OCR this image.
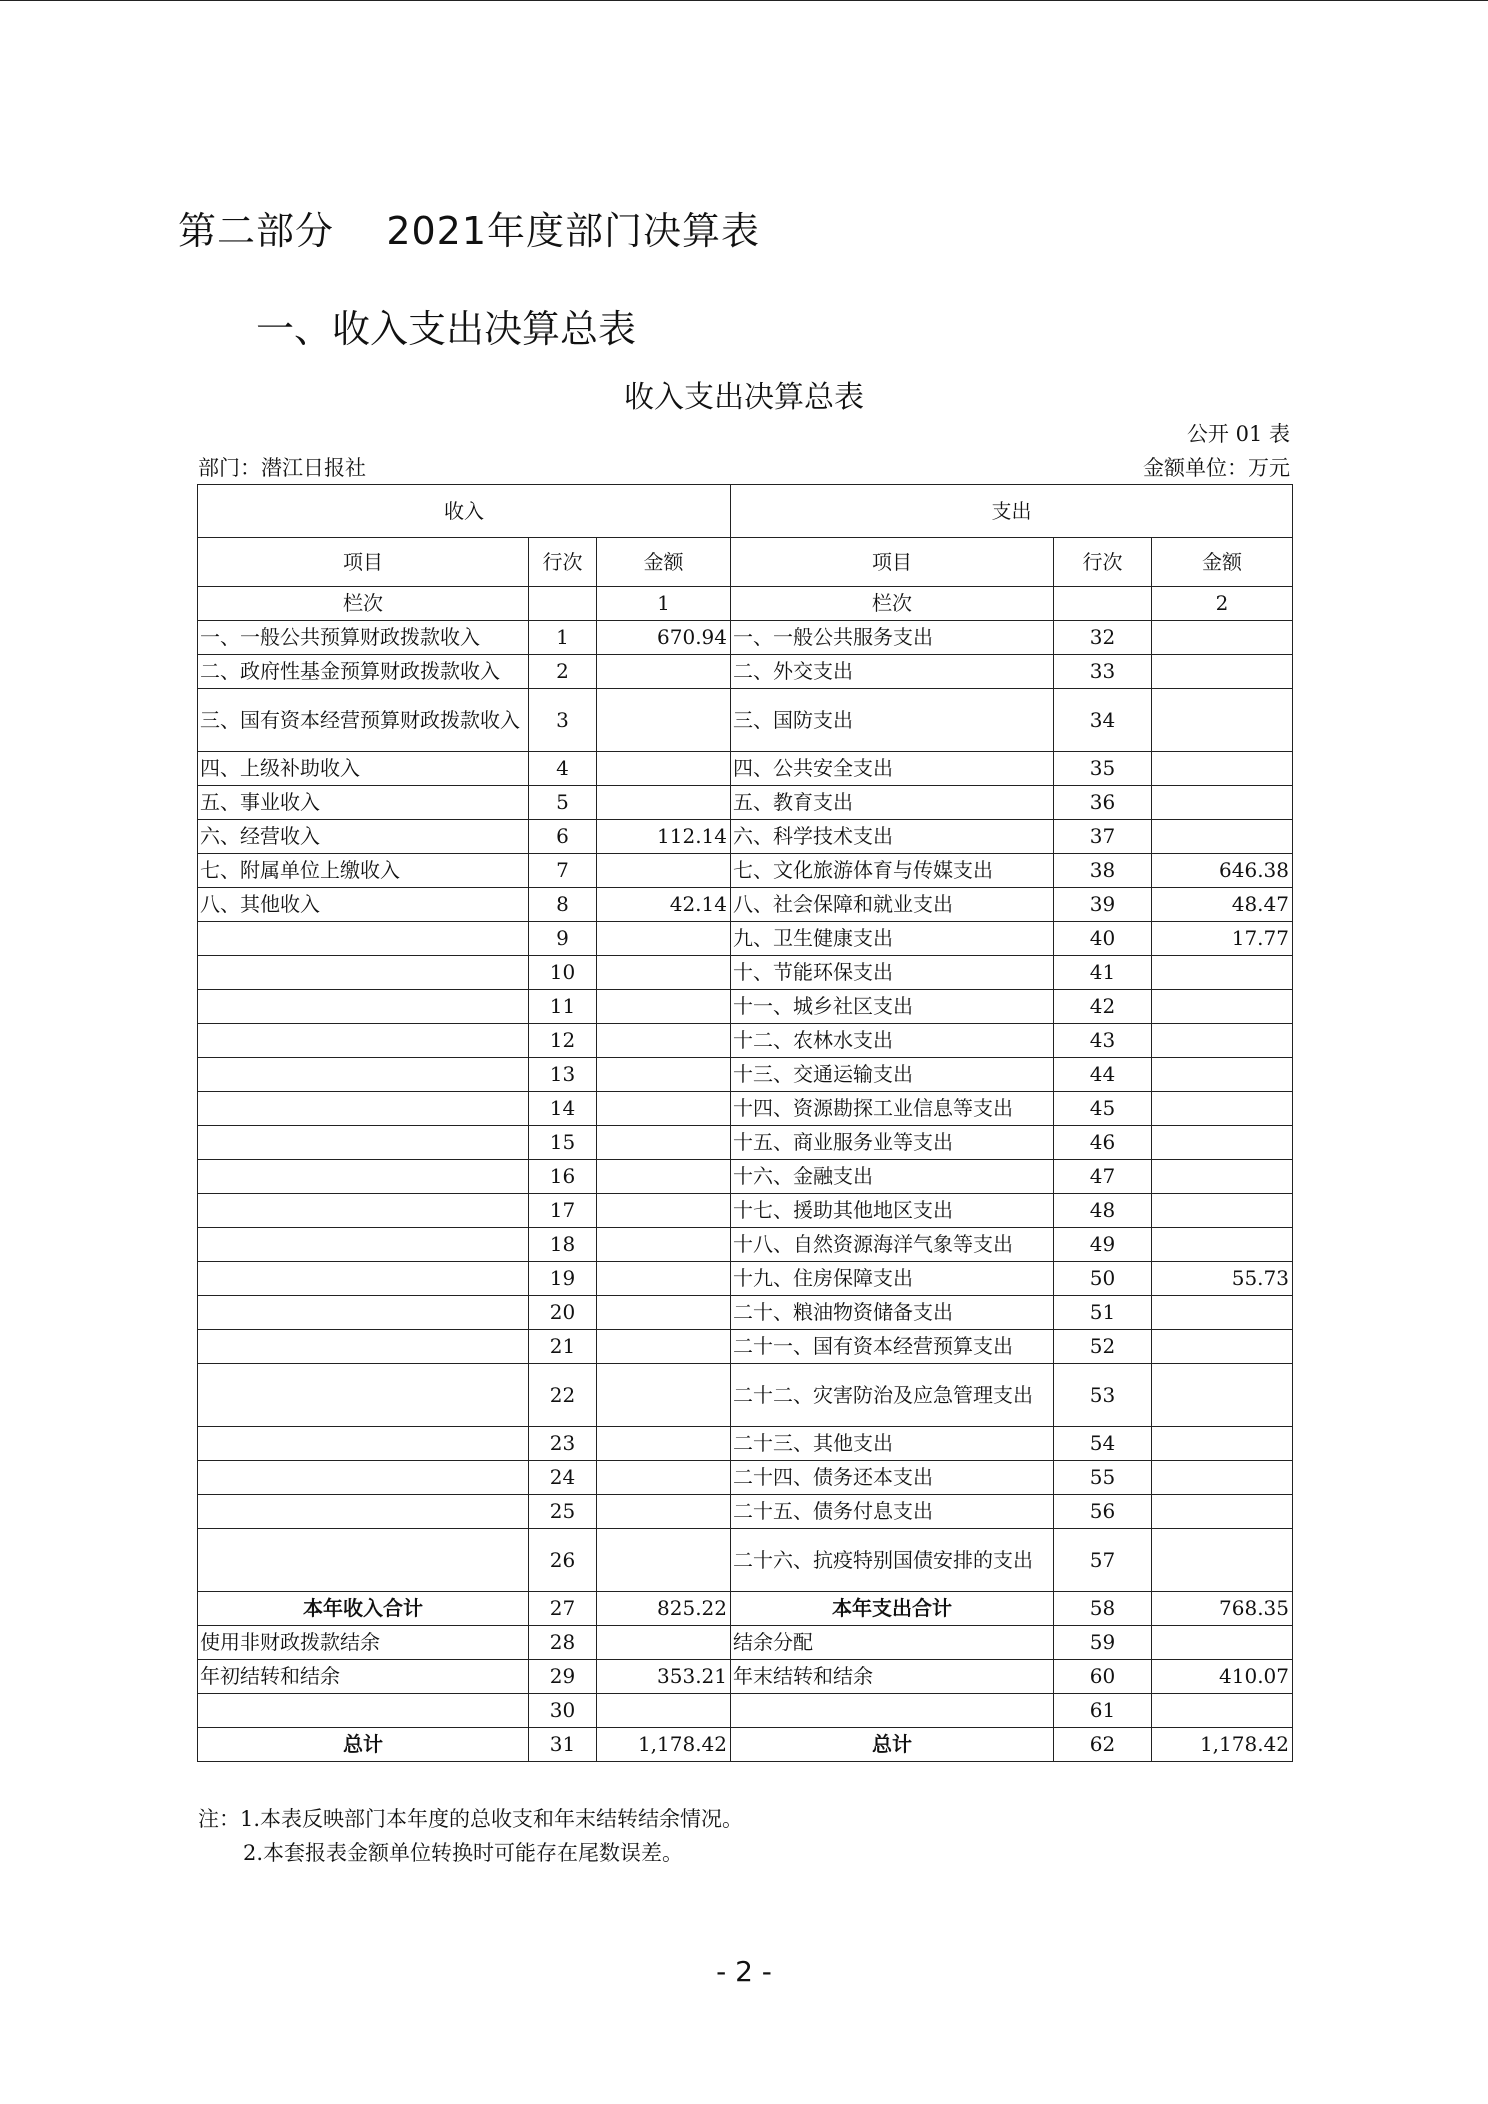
第二部分    2021年度部门决算表
一、收入支出决算总表
收入支出决算总表
公开 01 表
部门：潜江日报社	金额单位：万元
收入			支出		
项目	行次	金额	项目	行次	金额
栏次		1	栏次		2
一、一般公共预算财政拨款收入	1	670.94	一、一般公共服务支出	32	
二、政府性基金预算财政拨款收入	2		二、外交支出	33	
三、国有资本经营预算财政拨款收入	3		三、国防支出	34	
四、上级补助收入	4		四、公共安全支出	35	
五、事业收入	5		五、教育支出	36	
六、经营收入	6	112.14	六、科学技术支出	37	
七、附属单位上缴收入	7		七、文化旅游体育与传媒支出	38	646.38
八、其他收入	8	42.14	八、社会保障和就业支出	39	48.47
	9		九、卫生健康支出	40	17.77
	10		十、节能环保支出	41	
	11		十一、城乡社区支出	42	
	12		十二、农林水支出	43	
	13		十三、交通运输支出	44	
	14		十四、资源勘探工业信息等支出	45	
	15		十五、商业服务业等支出	46	
	16		十六、金融支出	47	
	17		十七、援助其他地区支出	48	
	18		十八、自然资源海洋气象等支出	49	
	19		十九、住房保障支出	50	55.73
	20		二十、粮油物资储备支出	51	
	21		二十一、国有资本经营预算支出	52	
	22		二十二、灾害防治及应急管理支出	53	
	23		二十三、其他支出	54	
	24		二十四、债务还本支出	55	
	25		二十五、债务付息支出	56	
	26		二十六、抗疫特别国债安排的支出	57	
本年收入合计	27	825.22	本年支出合计	58	768.35
使用非财政拨款结余	28		结余分配	59	
年初结转和结余	29	353.21	年末结转和结余	60	410.07
	30			61	
总计	31	1,178.42	总计	62	1,178.42
注：1.本表反映部门本年度的总收支和年末结转结余情况。
2.本套报表金额单位转换时可能存在尾数误差。
- 2 -
